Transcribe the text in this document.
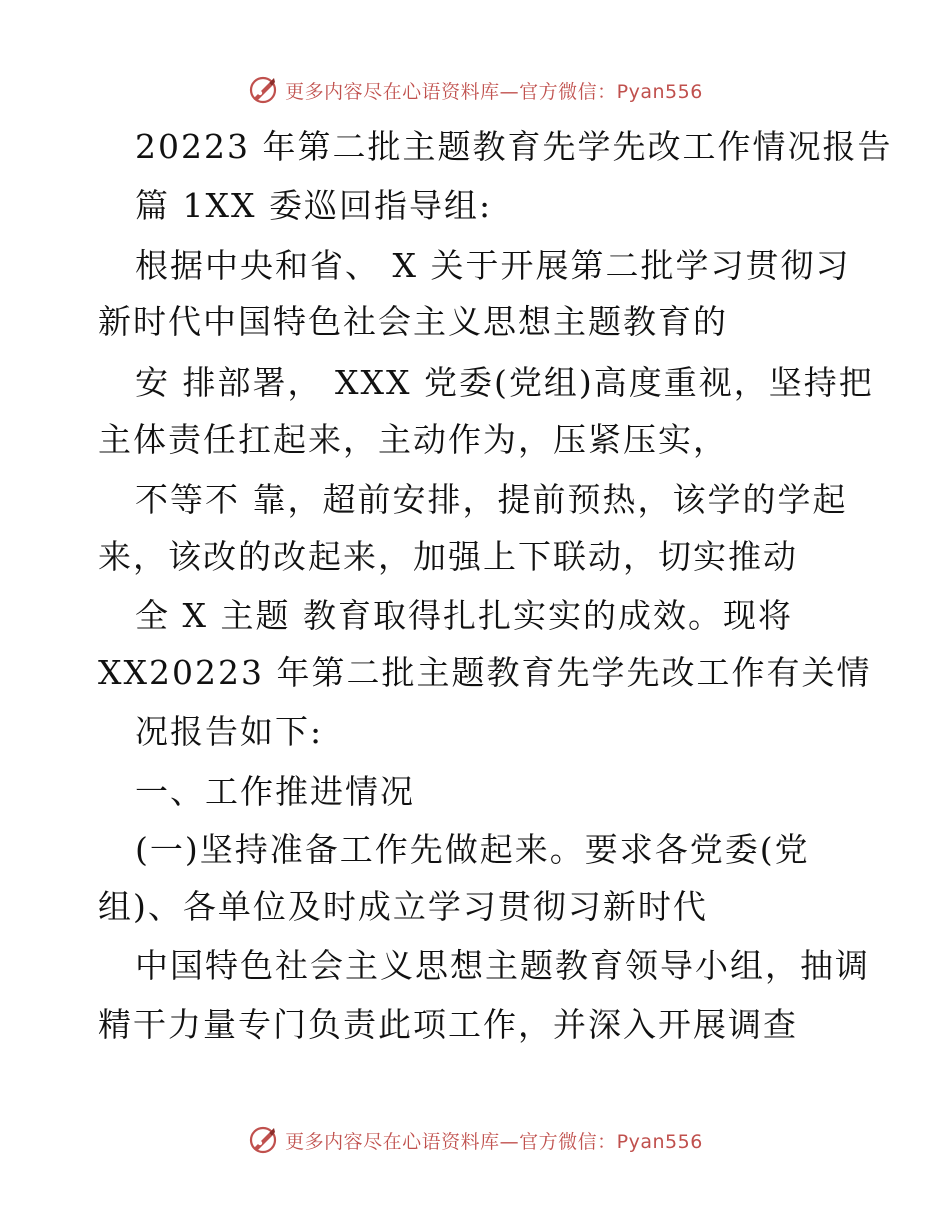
更多内容尽在心语资料库—官方微信：Pyan556
20223 年第二批主题教育先学先改工作情况报告
篇 1XX 委巡回指导组:
根据中央和省、 X 关于开展第二批学习贯彻习
新时代中国特色社会主义思想主题教育的
安 排部署， XXX 党委(党组)高度重视，坚持把
主体责任扛起来，主动作为，压紧压实，
不等不 靠，超前安排，提前预热，该学的学起
来，该改的改起来，加强上下联动，切实推动
全 X 主题 教育取得扎扎实实的成效。现将
XX20223 年第二批主题教育先学先改工作有关情
况报告如下:
一、工作推进情况
(一)坚持准备工作先做起来。要求各党委(党
组)、各单位及时成立学习贯彻习新时代
中国特色社会主义思想主题教育领导小组，抽调
精干力量专门负责此项工作，并深入开展调查
更多内容尽在心语资料库—官方微信：Pyan556
